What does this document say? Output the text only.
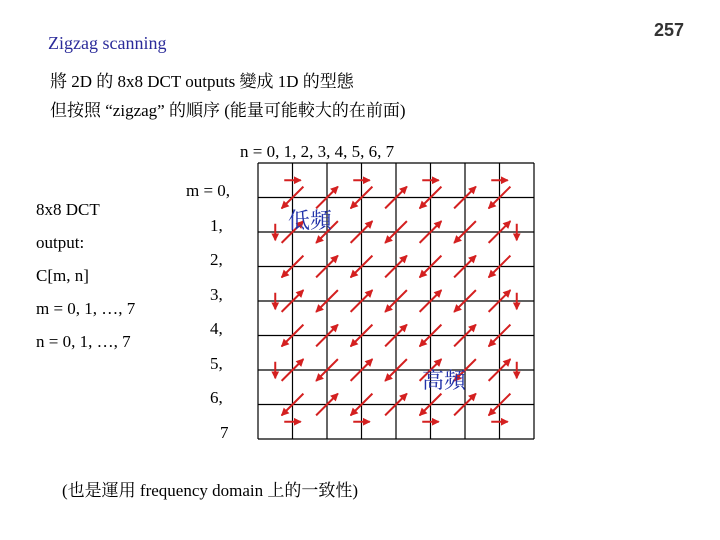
257
Zigzag scanning
將 2D 的 8x8 DCT outputs 變成 1D 的型態
但按照 “zigzag” 的順序 (能量可能較大的在前面)
n = 0, 1, 2, 3, 4, 5, 6, 7
8x8 DCT
output:
C[m, n]
m = 0, 1, …, 7
n = 0, 1, …, 7
m = 0,
1,
2,
3,
4,
5,
6,
7
低頻
高頻
(也是運用 frequency domain 上的一致性)
